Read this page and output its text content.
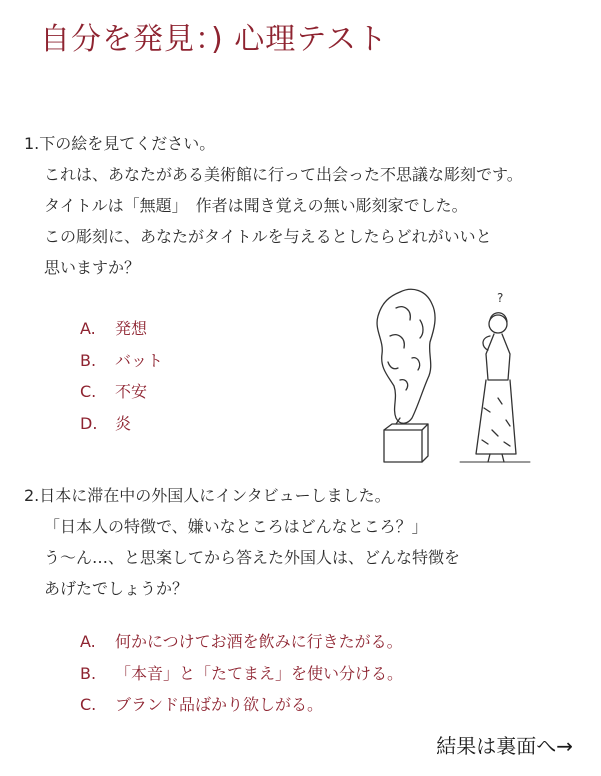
自分を発見：) 心理テスト
1.下の絵を見てください。
これは、あなたがある美術館に行って出会った不思議な彫刻です。
タイトルは「無題」　作者は聞き覚えの無い彫刻家でした。
この彫刻に、あなたがタイトルを与えるとしたらどれがいいと
思いますか？
A. 発想
B. バット
C. 不安
D. 炎
?
2.日本に滞在中の外国人にインタビューしました。
「日本人の特徴で、嫌いなところはどんなところ？」
う〜ん…、と思案してから答えた外国人は、どんな特徴を
あげたでしょうか？
A. 何かにつけてお酒を飲みに行きたがる。
B. 「本音」と「たてまえ」を使い分ける。
C. ブランド品ばかり欲しがる。
結果は裏面へ→
